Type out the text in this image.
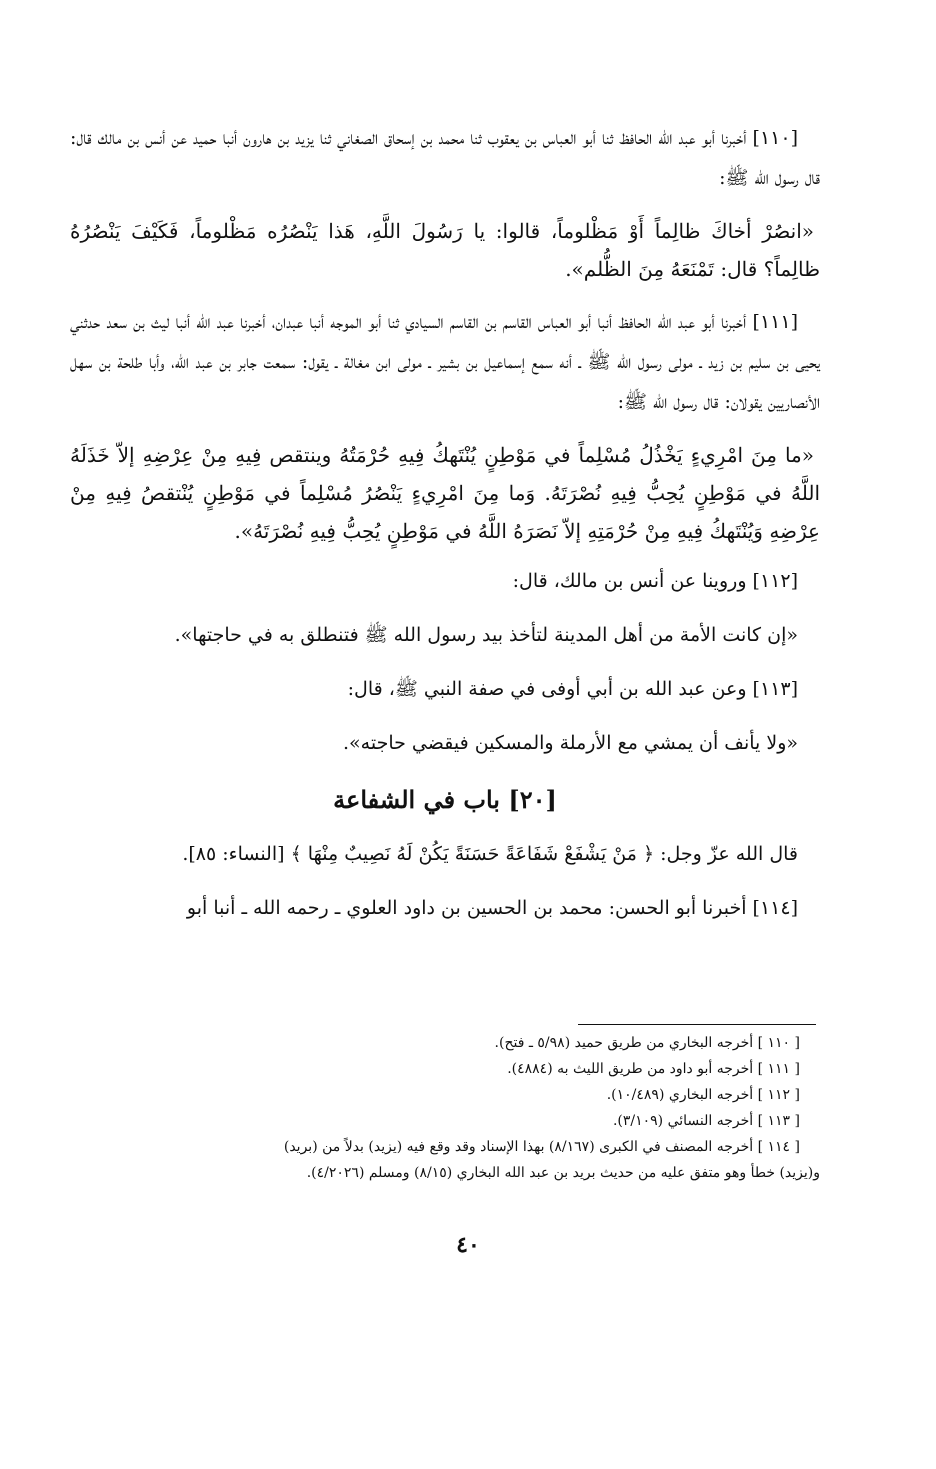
[١١٠] أخبرنا أبو عبد الله الحافظ ثنا أبو العباس بن يعقوب ثنا محمد بن إسحاق الصغاني ثنا يزيد بن هارون أنبا حميد عن أنس بن مالك قال: قال رسول الله ﷺ:

«انصُرْ أخاكَ ظالِماً أَوْ مَظْلوماً، قالوا: يا رَسُولَ اللَّهِ، هَذا يَنْصُرُه مَظْلوماً، فَكَيْفَ يَنْصُرُهُ ظالِماً؟ قال: تَمْنَعَهُ مِنَ الظُّلم».

[١١١] أخبرنا أبو عبد الله الحافظ أنبا أبو العباس القاسم بن القاسم السيادي ثنا أبو الموجه أنبا عبدان، أخبرنا عبد الله أنبا ليث بن سعد حدثني يحيى بن سليم بن زيد ـ مولى رسول الله ﷺ ـ أنه سمع إسماعيل بن بشير ـ مولى ابن مغالة ـ يقول: سمعت جابر بن عبد الله، وأبا طلحة بن سهل الأنصاريين يقولان: قال رسول الله ﷺ:

«ما مِنَ امْرِيءٍ يَخْذُلُ مُسْلِماً في مَوْطِنٍ يُنْتَهكُ فِيهِ حُرْمَتُهُ وينتقص فِيهِ مِنْ عِرْضِهِ إلاّ خَذَلَهُ اللَّهُ في مَوْطِنٍ يُحِبُّ فِيهِ نُصْرَتَهُ. وَما مِنَ امْرِيءٍ يَنْصُرُ مُسْلِماً في مَوْطِنٍ يُنْتقصُ فِيهِ مِنْ عِرْضِهِ وَيُنْتَهكُ فِيهِ مِنْ حُرْمَتِهِ إلاّ نَصَرَهُ اللَّهُ في مَوْطِنٍ يُحِبُّ فِيهِ نُصْرَتَهُ».

[١١٢] وروينا عن أنس بن مالك، قال:

«إن كانت الأمة من أهل المدينة لتأخذ بيد رسول الله ﷺ فتنطلق به في حاجتها».

[١١٣] وعن عبد الله بن أبي أوفى في صفة النبي ﷺ، قال:

«ولا يأنف أن يمشي مع الأرملة والمسكين فيقضي حاجته».

[٢٠] باب في الشفاعة

قال الله عزّ وجل: ﴿ مَنْ يَشْفَعْ شَفَاعَةً حَسَنَةً يَكُنْ لَهُ نَصِيبٌ مِنْهَا ﴾ [النساء: ٨٥].

[١١٤] أخبرنا أبو الحسن: محمد بن الحسين بن داود العلوي ـ رحمه الله ـ أنبا أبو

[ ١١٠ ] أخرجه البخاري من طريق حميد (٥/٩٨ ـ فتح).

[ ١١١ ] أخرجه أبو داود من طريق الليث به (٤٨٨٤).

[ ١١٢ ] أخرجه البخاري (١٠/٤٨٩).

[ ١١٣ ] أخرجه النسائي (٣/١٠٩).

[ ١١٤ ] أخرجه المصنف في الكبرى (٨/١٦٧) بهذا الإسناد وقد وقع فيه (يزيد) بدلاً من (بريد)

و(يزيد) خطأ وهو متفق عليه من حديث بريد بن عبد الله البخاري (٨/١٥) ومسلم (٤/٢٠٢٦).

٤٠
